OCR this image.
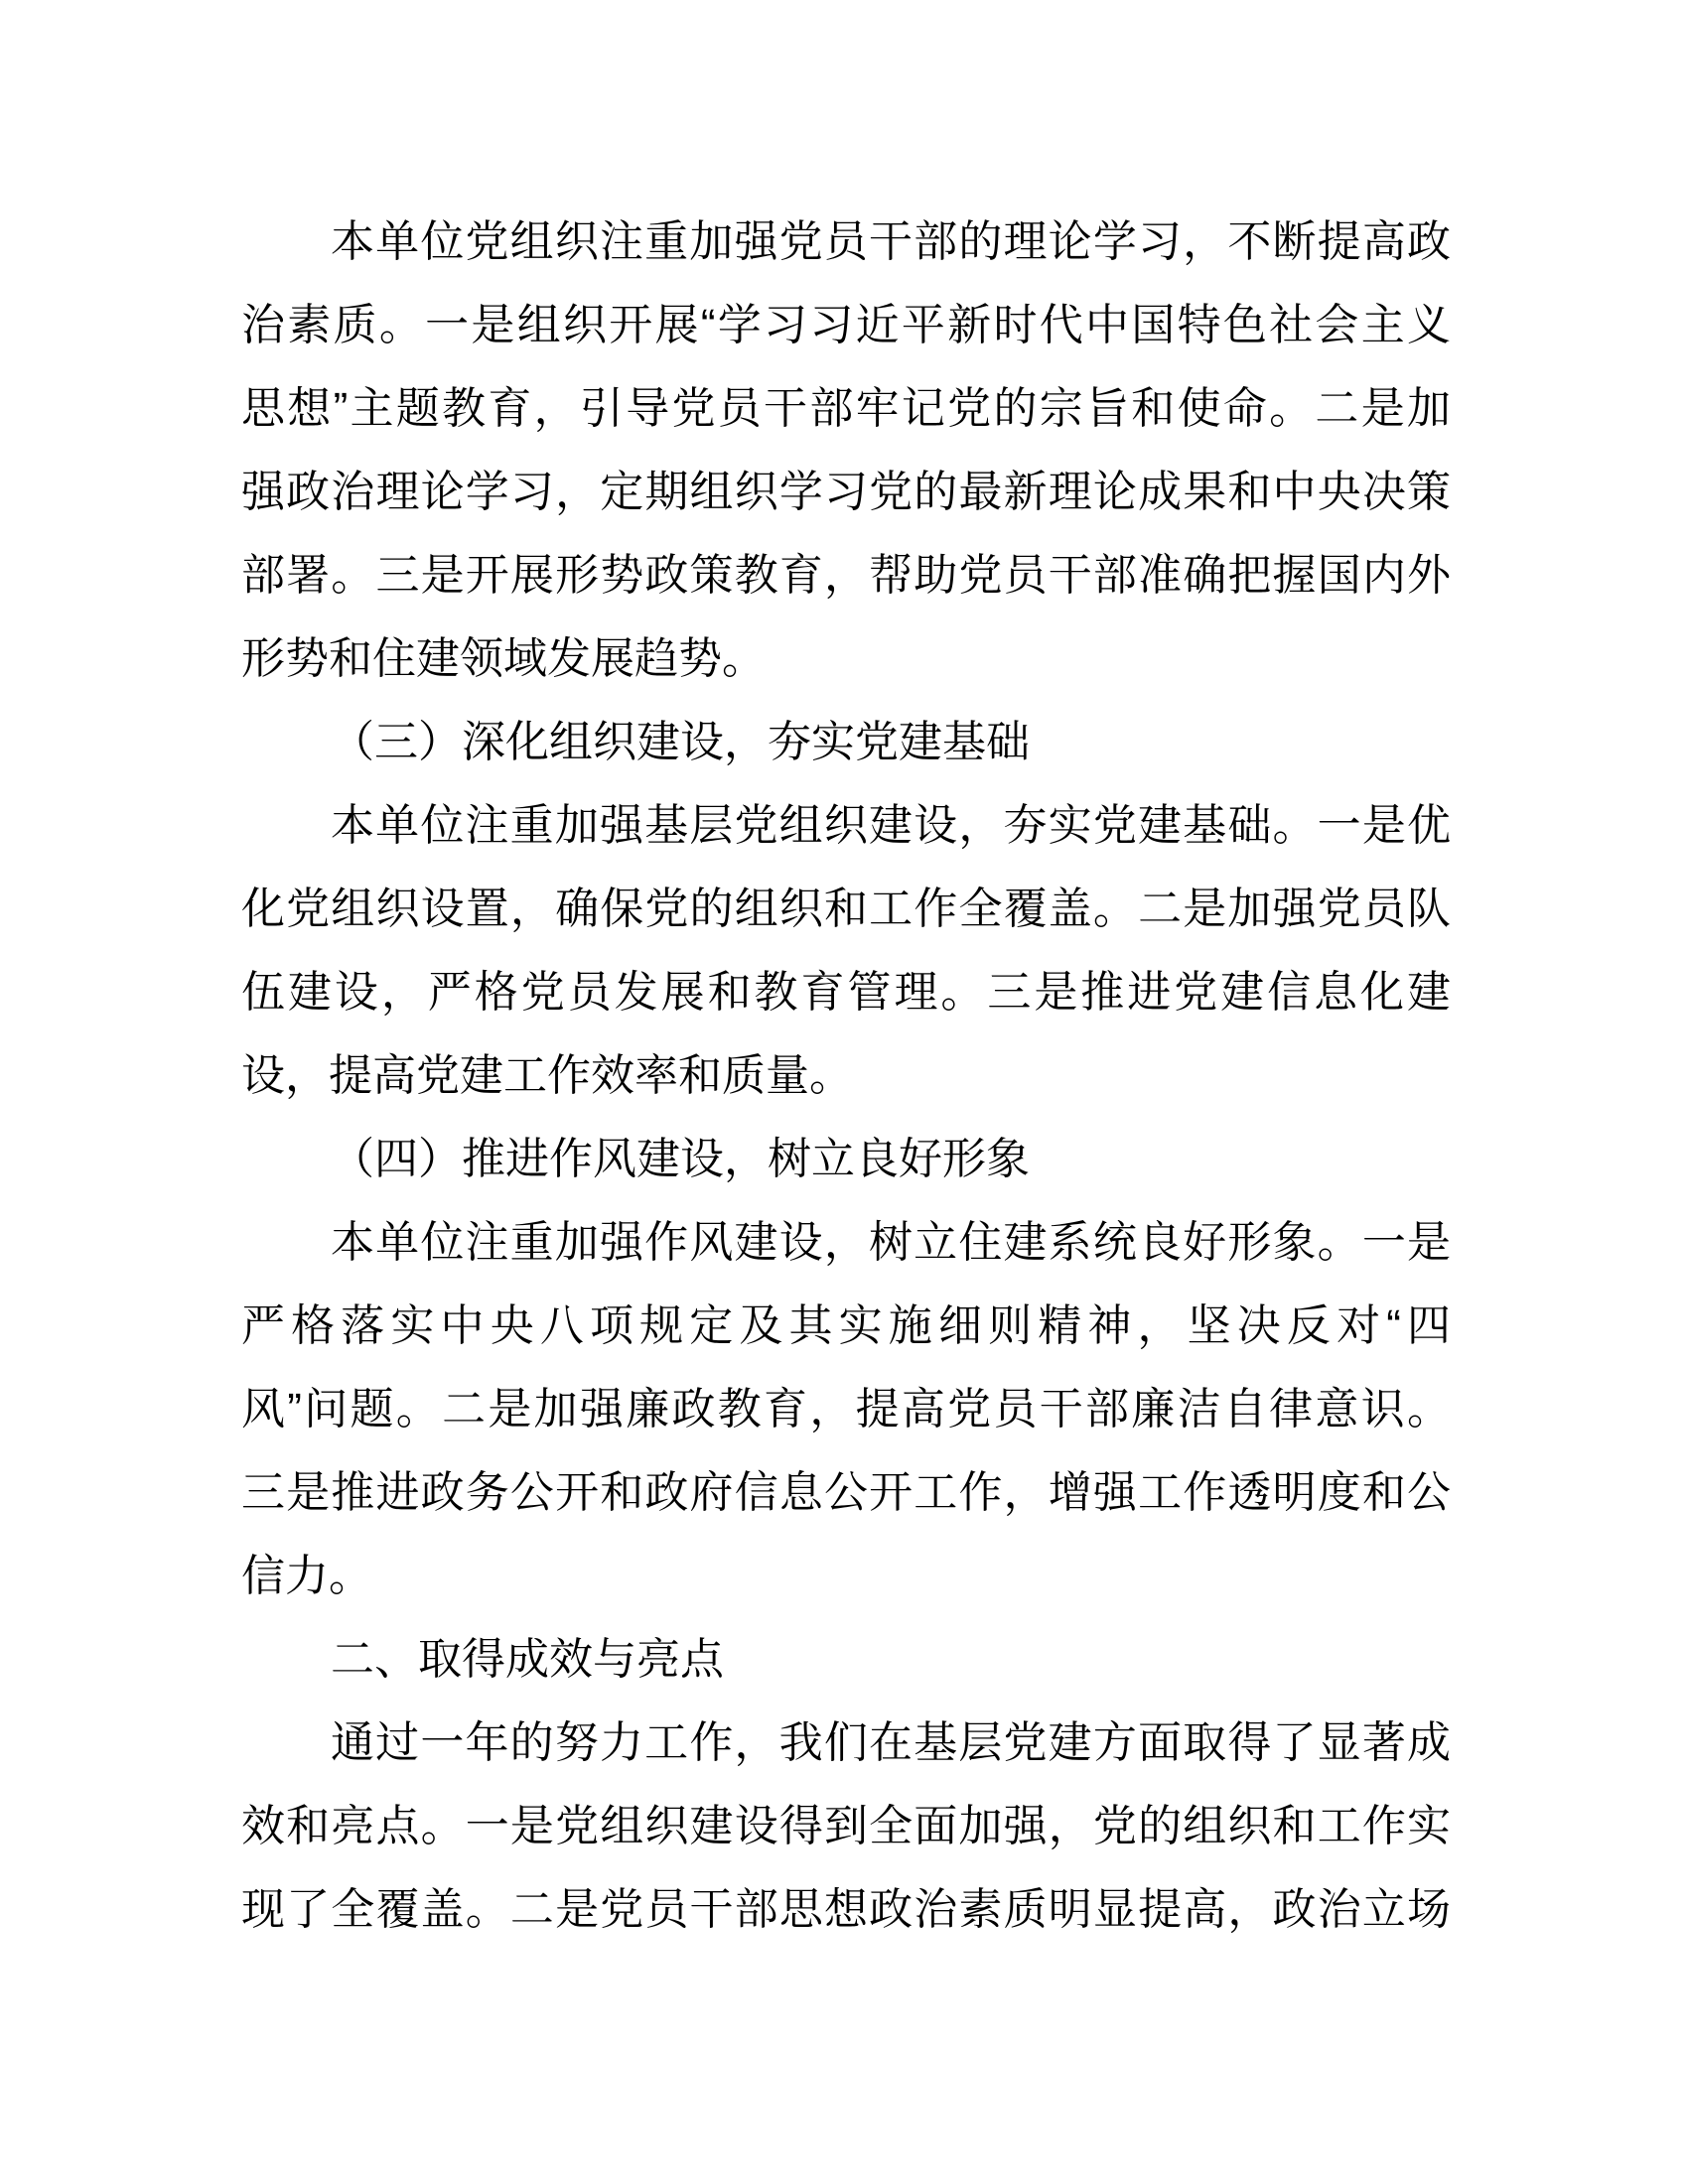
本单位党组织注重加强党员干部的理论学习，不断提高政
治素质。一是组织开展“学习习近平新时代中国特色社会主义
思想”主题教育，引导党员干部牢记党的宗旨和使命。二是加
强政治理论学习，定期组织学习党的最新理论成果和中央决策
部署。三是开展形势政策教育，帮助党员干部准确把握国内外
形势和住建领域发展趋势。
（三）深化组织建设，夯实党建基础
本单位注重加强基层党组织建设，夯实党建基础。一是优
化党组织设置，确保党的组织和工作全覆盖。二是加强党员队
伍建设，严格党员发展和教育管理。三是推进党建信息化建
设，提高党建工作效率和质量。
（四）推进作风建设，树立良好形象
本单位注重加强作风建设，树立住建系统良好形象。一是
严格落实中央八项规定及其实施细则精神，坚决反对“四
风”问题。二是加强廉政教育，提高党员干部廉洁自律意识。
三是推进政务公开和政府信息公开工作，增强工作透明度和公
信力。
二、取得成效与亮点
通过一年的努力工作，我们在基层党建方面取得了显著成
效和亮点。一是党组织建设得到全面加强，党的组织和工作实
现了全覆盖。二是党员干部思想政治素质明显提高，政治立场
